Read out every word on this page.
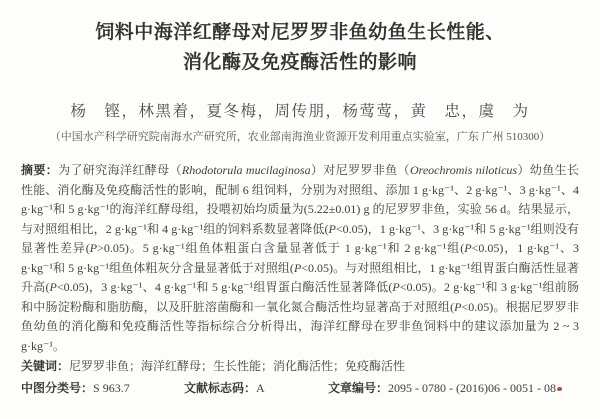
饲料中海洋红酵母对尼罗罗非鱼幼鱼生长性能、
消化酶及免疫酶活性的影响
杨　铿，林黑着，夏冬梅，周传朋，杨莺莺，黄　忠，虞　为
（中国水产科学研究院南海水产研究所，农业部南海渔业资源开发利用重点实验室，广东 广州 510300）

摘要：为了研究海洋红酵母（Rhodotorula mucilaginosa）对尼罗罗非鱼（Oreochromis niloticus）幼鱼生长性能、消化酶及免疫酶活性的影响，配制 6 组饲料，分别为对照组、添加 1 g·kg⁻¹、2 g·kg⁻¹、3 g·kg⁻¹、4 g·kg⁻¹和 5 g·kg⁻¹的海洋红酵母组，投喂初始均质量为(5.22±0.01) g 的尼罗罗非鱼，实验 56 d。结果显示，与对照组相比，2 g·kg⁻¹和 4 g·kg⁻¹组的饲料系数显著降低(P<0.05)，1 g·kg⁻¹、3 g·kg⁻¹和 5 g·kg⁻¹组则没有显著性差异(P>0.05)。5 g·kg⁻¹组鱼体粗蛋白含量显著低于 1 g·kg⁻¹和 2 g·kg⁻¹组(P<0.05)，1 g·kg⁻¹、3 g·kg⁻¹和 5 g·kg⁻¹组鱼体粗灰分含量显著低于对照组(P<0.05)。与对照组相比，1 g·kg⁻¹组胃蛋白酶活性显著升高(P<0.05)，3 g·kg⁻¹、4 g·kg⁻¹和 5 g·kg⁻¹组胃蛋白酶活性显著降低(P<0.05)。2 g·kg⁻¹和 3 g·kg⁻¹组前肠和中肠淀粉酶和脂肪酶，以及肝脏溶菌酶和一氧化氮合酶活性均显著高于对照组(P<0.05)。根据尼罗罗非鱼幼鱼的消化酶和免疫酶活性等指标综合分析得出，海洋红酵母在罗非鱼饲料中的建议添加量为 2 ~ 3 g·kg⁻¹。

关键词：尼罗罗非鱼；海洋红酵母；生长性能；消化酶活性；免疫酶活性

中图分类号：S 963.7	文献标志码：A	文章编号：2095 - 0780 - (2016)06 - 0051 - 08
